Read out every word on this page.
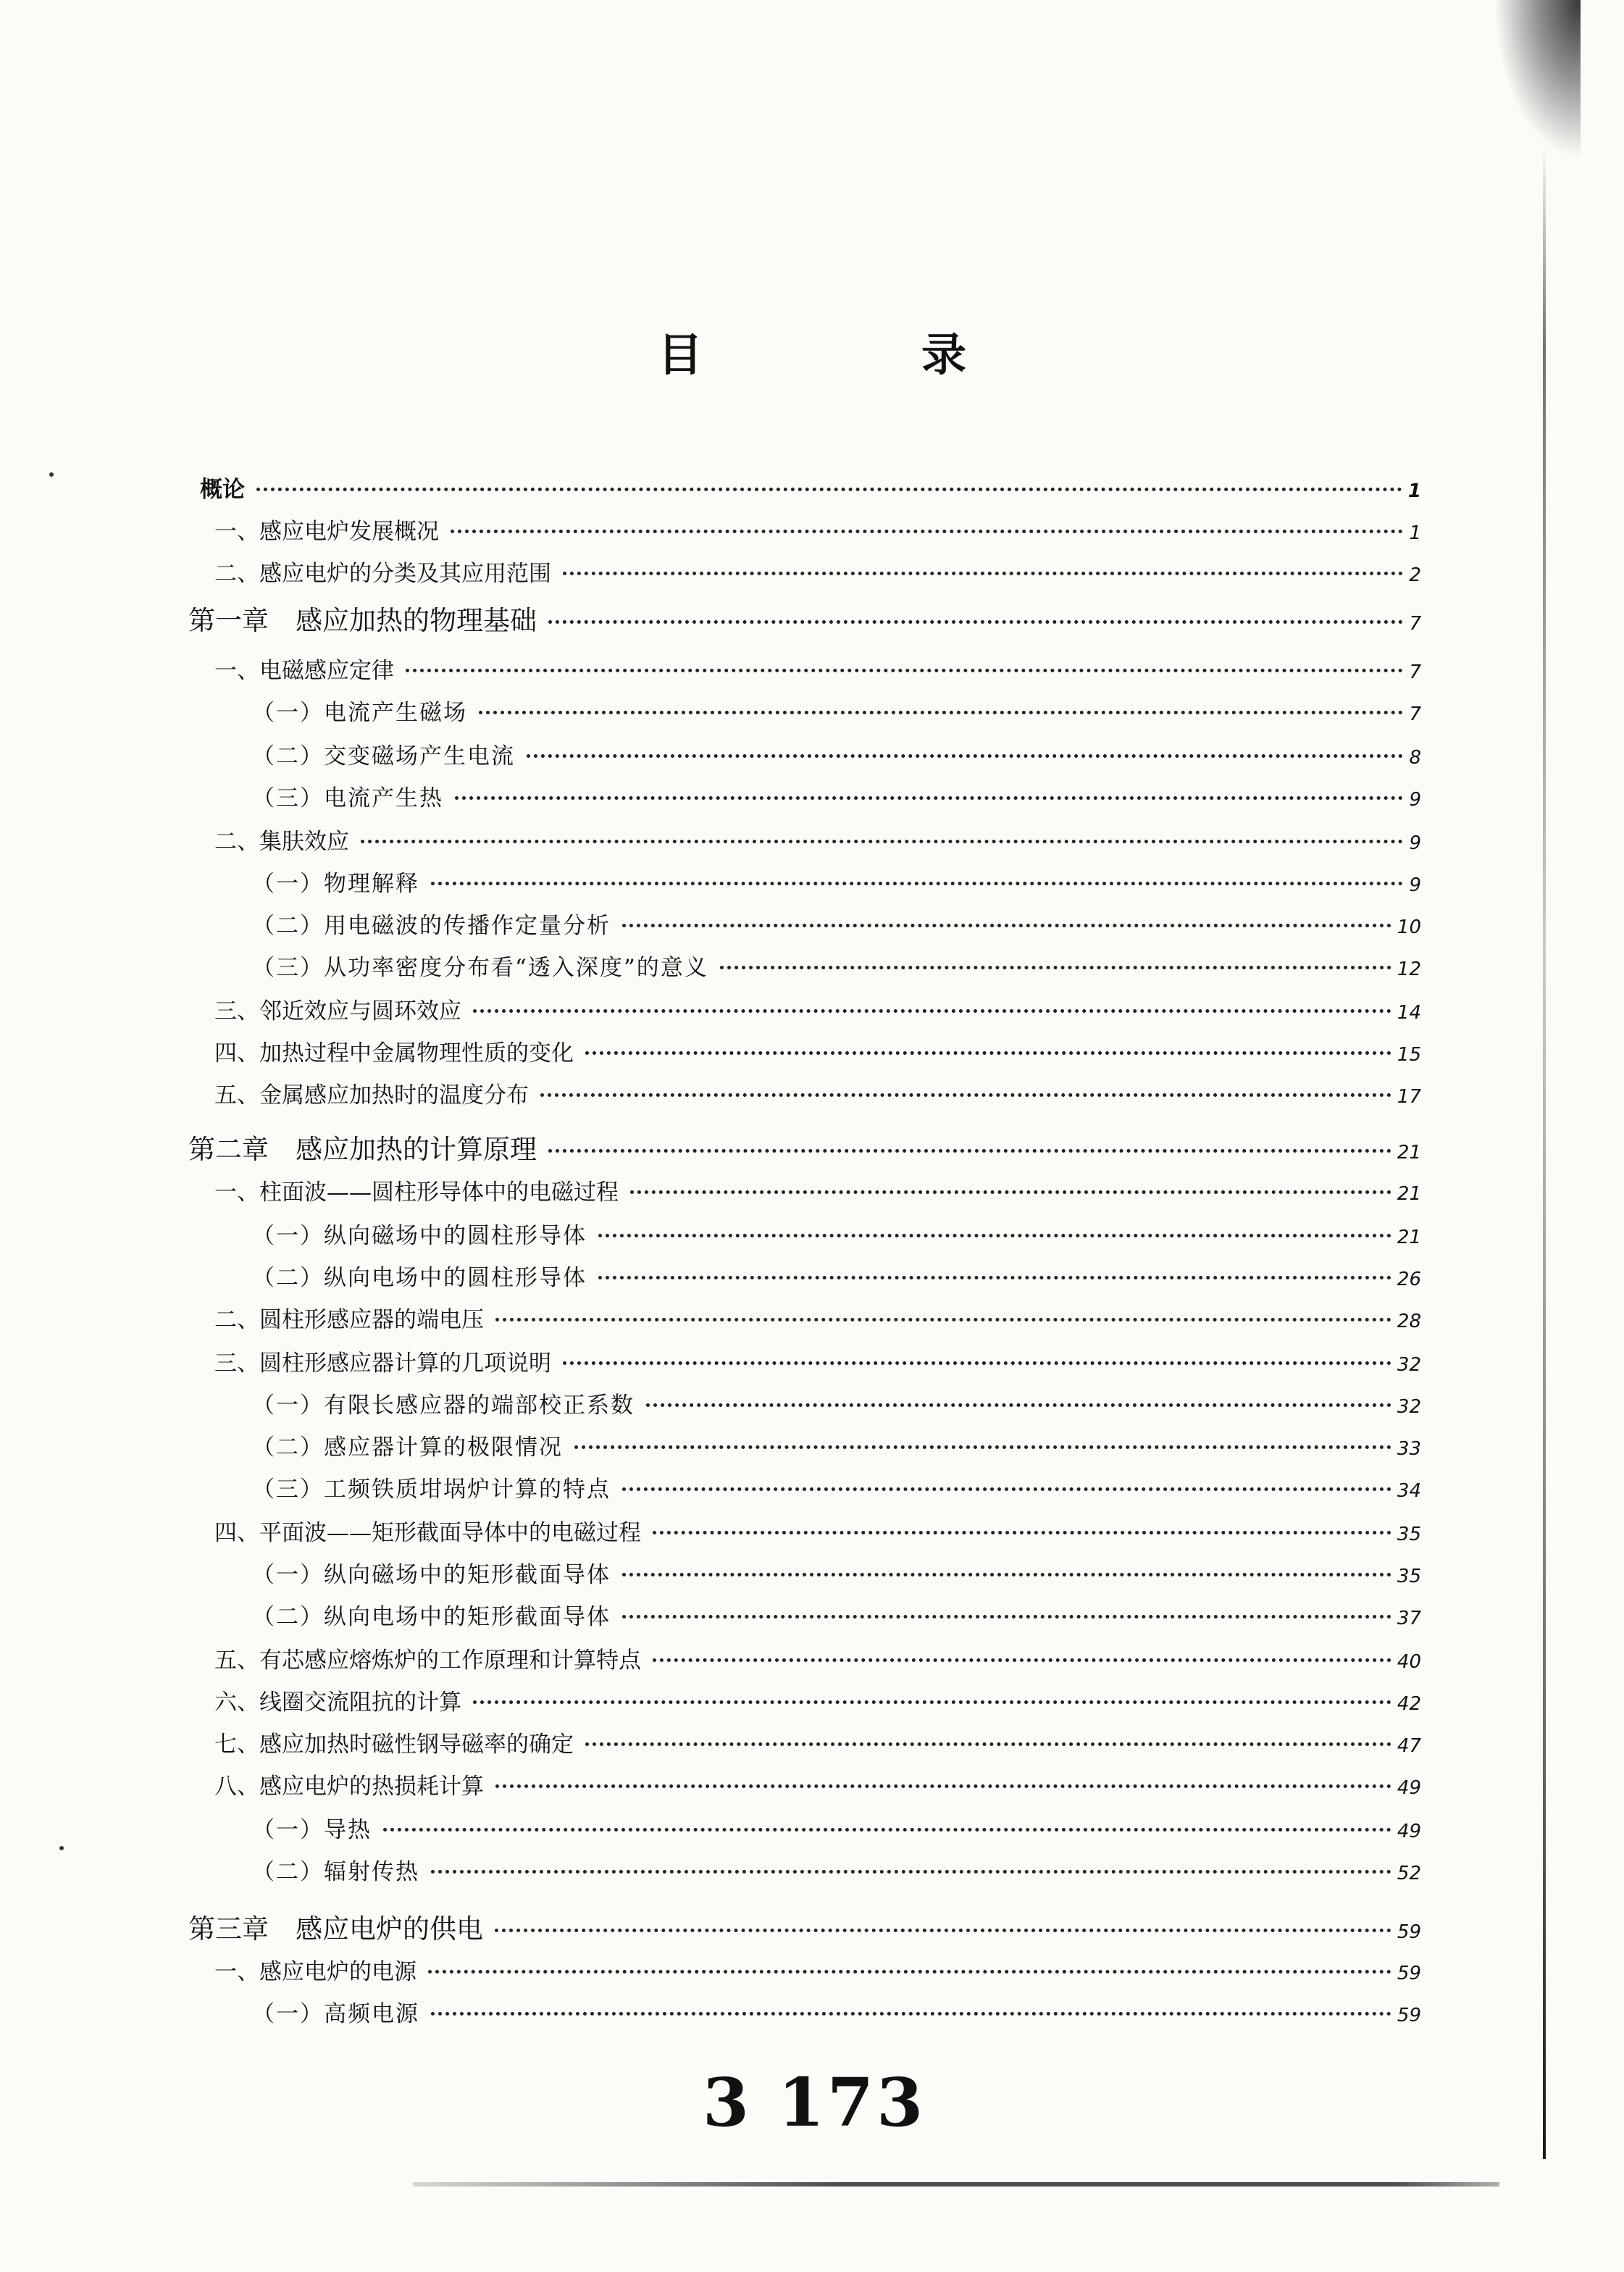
目　录
概论	1
一、感应电炉发展概况	1
二、感应电炉的分类及其应用范围	2
第一章　感应加热的物理基础	7
一、电磁感应定律	7
（一）电流产生磁场	7
（二）交变磁场产生电流	8
（三）电流产生热	9
二、集肤效应	9
（一）物理解释	9
（二）用电磁波的传播作定量分析	10
（三）从功率密度分布看“透入深度”的意义	12
三、邻近效应与圆环效应	14
四、加热过程中金属物理性质的变化	15
五、金属感应加热时的温度分布	17
第二章　感应加热的计算原理	21
一、柱面波——圆柱形导体中的电磁过程	21
（一）纵向磁场中的圆柱形导体	21
（二）纵向电场中的圆柱形导体	26
二、圆柱形感应器的端电压	28
三、圆柱形感应器计算的几项说明	32
（一）有限长感应器的端部校正系数	32
（二）感应器计算的极限情况	33
（三）工频铁质坩埚炉计算的特点	34
四、平面波——矩形截面导体中的电磁过程	35
（一）纵向磁场中的矩形截面导体	35
（二）纵向电场中的矩形截面导体	37
五、有芯感应熔炼炉的工作原理和计算特点	40
六、线圈交流阻抗的计算	42
七、感应加热时磁性钢导磁率的确定	47
八、感应电炉的热损耗计算	49
（一）导热	49
（二）辐射传热	52
第三章　感应电炉的供电	59
一、感应电炉的电源	59
（一）高频电源	59
3 173
